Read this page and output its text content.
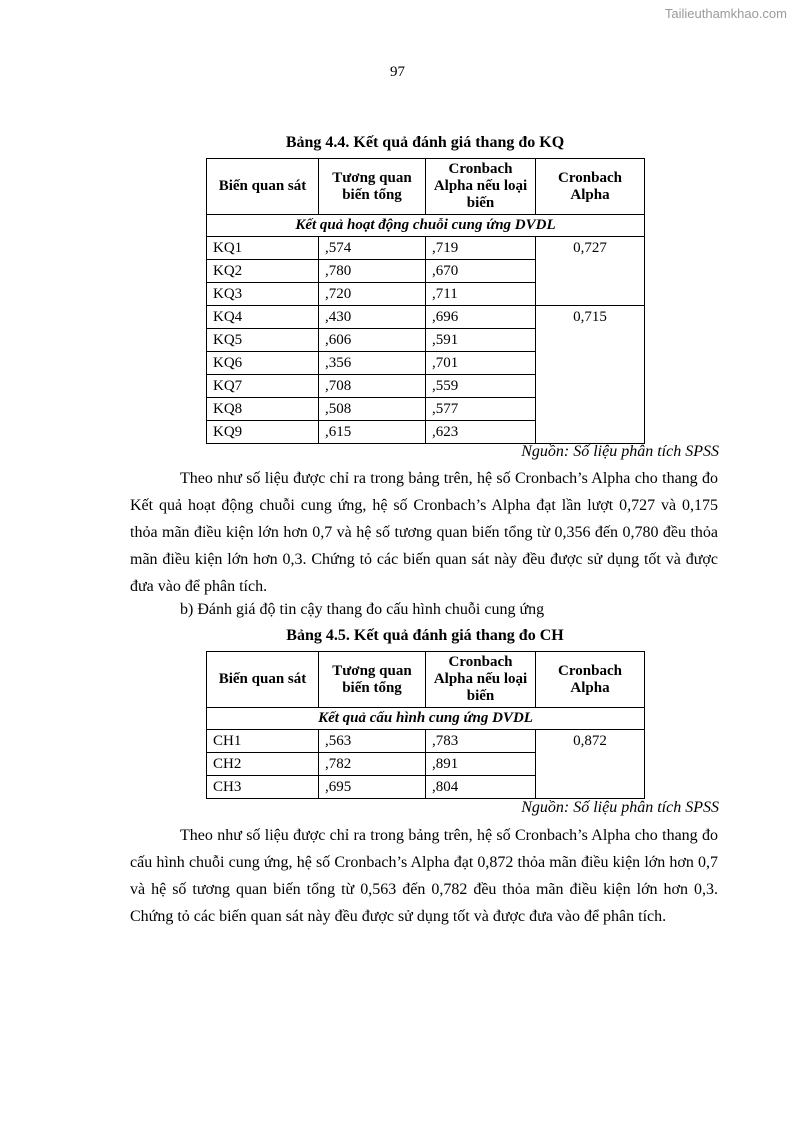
Tailieuthamkhao.com
97
Bảng 4.4. Kết quả đánh giá thang đo KQ
Biến quan sát	Tương quan biến tổng	Cronbach Alpha nếu loại biến	Cronbach Alpha
Kết quả hoạt động chuỗi cung ứng DVDL			
KQ1	,574	,719	0,727
KQ2	,780	,670	
KQ3	,720	,711	
KQ4	,430	,696	0,715
KQ5	,606	,591	
KQ6	,356	,701	
KQ7	,708	,559	
KQ8	,508	,577	
KQ9	,615	,623	
Nguồn: Số liệu phân tích SPSS

Theo như số liệu được chỉ ra trong bảng trên, hệ số Cronbach’s Alpha cho thang đo Kết quả hoạt động chuỗi cung ứng, hệ số Cronbach’s Alpha đạt lần lượt 0,727 và 0,175 thỏa mãn điều kiện lớn hơn 0,7 và hệ số tương quan biến tổng từ 0,356 đến 0,780 đều thỏa mãn điều kiện lớn hơn 0,3. Chứng tỏ các biến quan sát này đều được sử dụng tốt và được đưa vào để phân tích.

b) Đánh giá độ tin cậy thang đo cấu hình chuỗi cung ứng

Bảng 4.5. Kết quả đánh giá thang đo CH
Biến quan sát	Tương quan biến tổng	Cronbach Alpha nếu loại biến	Cronbach Alpha
Kết quả cấu hình cung ứng DVDL			
CH1	,563	,783	0,872
CH2	,782	,891	
CH3	,695	,804	
Nguồn: Số liệu phân tích SPSS

Theo như số liệu được chỉ ra trong bảng trên, hệ số Cronbach’s Alpha cho thang đo cấu hình chuỗi cung ứng, hệ số Cronbach’s Alpha đạt 0,872 thỏa mãn điều kiện lớn hơn 0,7 và hệ số tương quan biến tổng từ 0,563 đến 0,782 đều thỏa mãn điều kiện lớn hơn 0,3. Chứng tỏ các biến quan sát này đều được sử dụng tốt và được đưa vào để phân tích.
